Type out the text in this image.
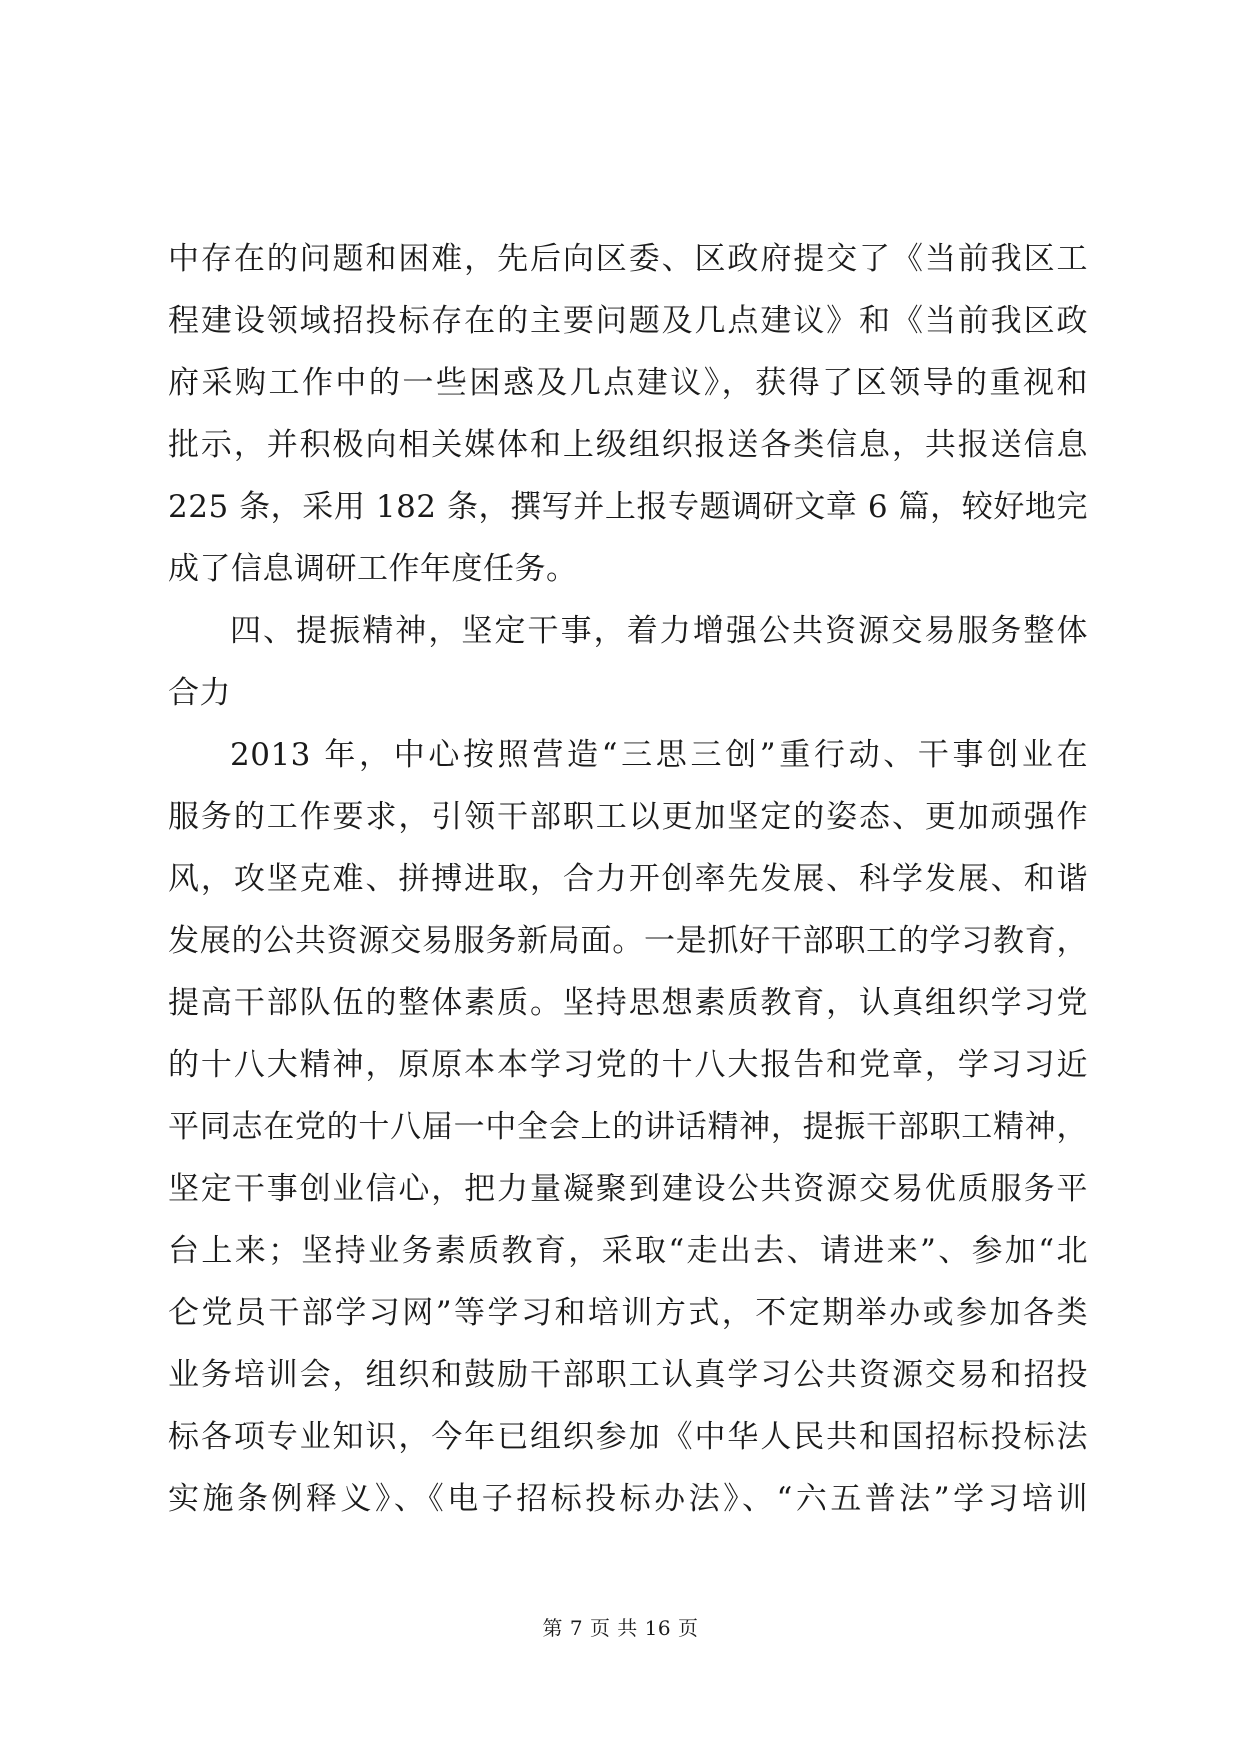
中存在的问题和困难，先后向区委、区政府提交了《当前我区工
程建设领域招投标存在的主要问题及几点建议》和《当前我区政
府采购工作中的一些困惑及几点建议》，获得了区领导的重视和
批示，并积极向相关媒体和上级组织报送各类信息，共报送信息
225 条，采用 182 条，撰写并上报专题调研文章 6 篇，较好地完
成了信息调研工作年度任务。
四、提振精神，坚定干事，着力增强公共资源交易服务整体
合力
2013 年，中心按照营造“三思三创”重行动、干事创业在
服务的工作要求，引领干部职工以更加坚定的姿态、更加顽强作
风，攻坚克难、拼搏进取，合力开创率先发展、科学发展、和谐
发展的公共资源交易服务新局面。一是抓好干部职工的学习教育，
提高干部队伍的整体素质。坚持思想素质教育，认真组织学习党
的十八大精神，原原本本学习党的十八大报告和党章，学习习近
平同志在党的十八届一中全会上的讲话精神，提振干部职工精神，
坚定干事创业信心，把力量凝聚到建设公共资源交易优质服务平
台上来；坚持业务素质教育，采取“走出去、请进来”、参加“北
仑党员干部学习网”等学习和培训方式，不定期举办或参加各类
业务培训会，组织和鼓励干部职工认真学习公共资源交易和招投
标各项专业知识，今年已组织参加《中华人民共和国招标投标法
实施条例释义》、《电子招标投标办法》、“六五普法”学习培训
第 7 页 共 16 页
